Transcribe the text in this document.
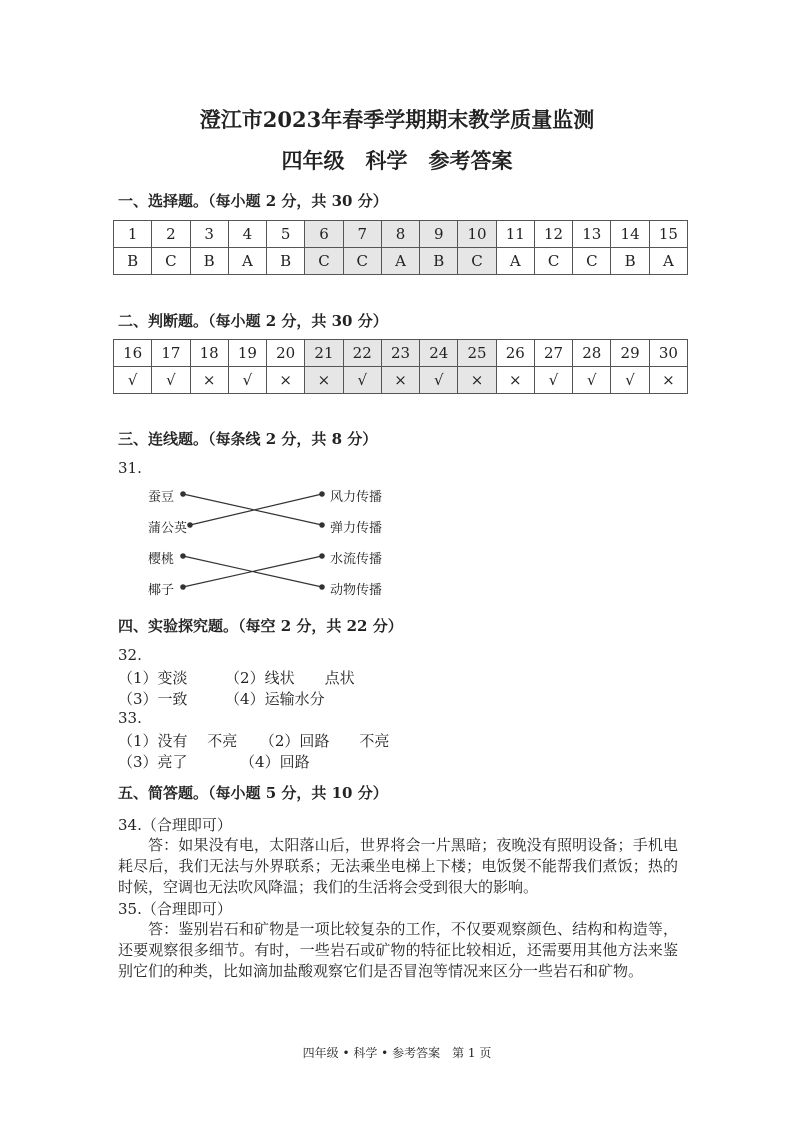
澄江市2023年春季学期期末教学质量监测
四年级　科学　参考答案
一、选择题。（每小题 2 分，共 30 分）
1	2	3	4	5	6	7	8	9	10	11	12	13	14	15
B	C	B	A	B	C	C	A	B	C	A	C	C	B	A
二、判断题。（每小题 2 分，共 30 分）
16	17	18	19	20	21	22	23	24	25	26	27	28	29	30
√	√	×	√	×	×	√	×	√	×	×	√	√	√	×
三、连线题。（每条线 2 分，共 8 分）
31.
蚕豆
蒲公英
樱桃
椰子
风力传播
弹力传播
水流传播
动物传播
四、实验探究题。（每空 2 分，共 22 分）
32.
（1）变淡　　　（2）线状　　点状
（3）一致　　　（4）运输水分
33.
（1）没有　 不亮　　（2）回路　　不亮
（3）亮了　　　　（4）回路
五、简答题。（每小题 5 分，共 10 分）
34.（合理即可）
答：如果没有电，太阳落山后，世界将会一片黑暗；夜晚没有照明设备；手机电耗尽后，我们无法与外界联系；无法乘坐电梯上下楼；电饭煲不能帮我们煮饭；热的时候，空调也无法吹风降温；我们的生活将会受到很大的影响。
35.（合理即可）
答：鉴别岩石和矿物是一项比较复杂的工作，不仅要观察颜色、结构和构造等，还要观察很多细节。有时，一些岩石或矿物的特征比较相近，还需要用其他方法来鉴别它们的种类，比如滴加盐酸观察它们是否冒泡等情况来区分一些岩石和矿物。
四年级 • 科学 • 参考答案　第 1 页
